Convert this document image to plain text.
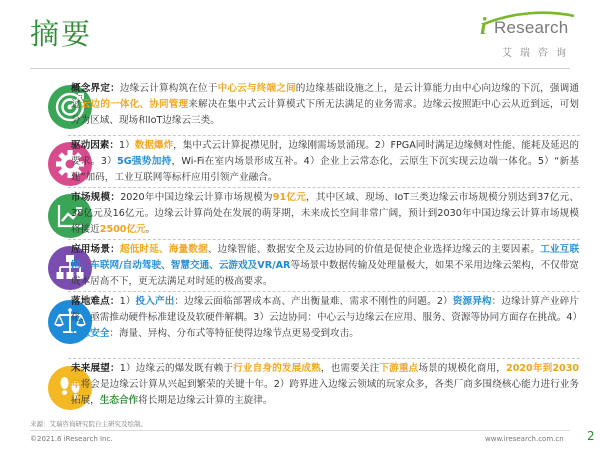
摘要	i Research
艾瑞咨询
概念界定：边缘云计算构筑在位于中心云与终端之间的边缘基础设施之上，是云计算能力由中心向边缘的下沉，强调通过云边的一体化、协同管理来解决在集中式云计算模式下所无法满足的业务需求。边缘云按照距中心云从近到远，可划分为区域、现场和IoT边缘云三类。
驱动因素：1）数据爆炸，集中式云计算捉襟见肘，边缘刚需场景涌现。2）FPGA同时满足边缘侧对性能、能耗及延迟的要求。3）5G强势加持，Wi-Fi在室内场景形成互补。4）企业上云常态化，云原生下沉实现云边端一体化。5）“新基建”加码，工业互联网等标杆应用引领产业融合。
市场规模：2020年中国边缘云计算市场规模为91亿元，其中区域、现场、IoT三类边缘云市场规模分别达到37亿元、38亿元及16亿元。边缘云计算尚处在发展的萌芽期，未来成长空间非常广阔，预计到2030年中国边缘云计算市场规模将接近2500亿元。
应用场景：超低时延、海量数据、边缘智能、数据安全及云边协同的价值是促使企业选择边缘云的主要因素。工业互联网、车联网/自动驾驶、智慧交通、云游戏及VR/AR等场景中数据传输及处理量极大，如果不采用边缘云架构，不仅带宽成本居高不下，更无法满足对时延的极高要求。
落地难点：1）投入产出：边缘云面临部署成本高、产出衡量难、需求不刚性的问题。2）资源异构：边缘计算产业碎片化，亟需推动硬件标准建设及软硬件解耦。3）云边协同：中心云与边缘云在应用、服务、资源等协同方面存在挑战。4）边缘安全：海量、异构、分布式等特征使得边缘节点更易受到攻击。
未来展望：1）边缘云的爆发既有赖于行业自身的发展成熟，也需要关注下游重点场景的规模化商用，2020年到2030年将会是边缘云计算从兴起到繁荣的关键十年。2）跨界进入边缘云领域的玩家众多，各类厂商多围绕核心能力进行业务拓展，生态合作将长期是边缘云计算的主旋律。
来源：艾瑞咨询研究院自主研究及绘制。
©2021.6 iResearch Inc.	www.iresearch.com.cn 2
